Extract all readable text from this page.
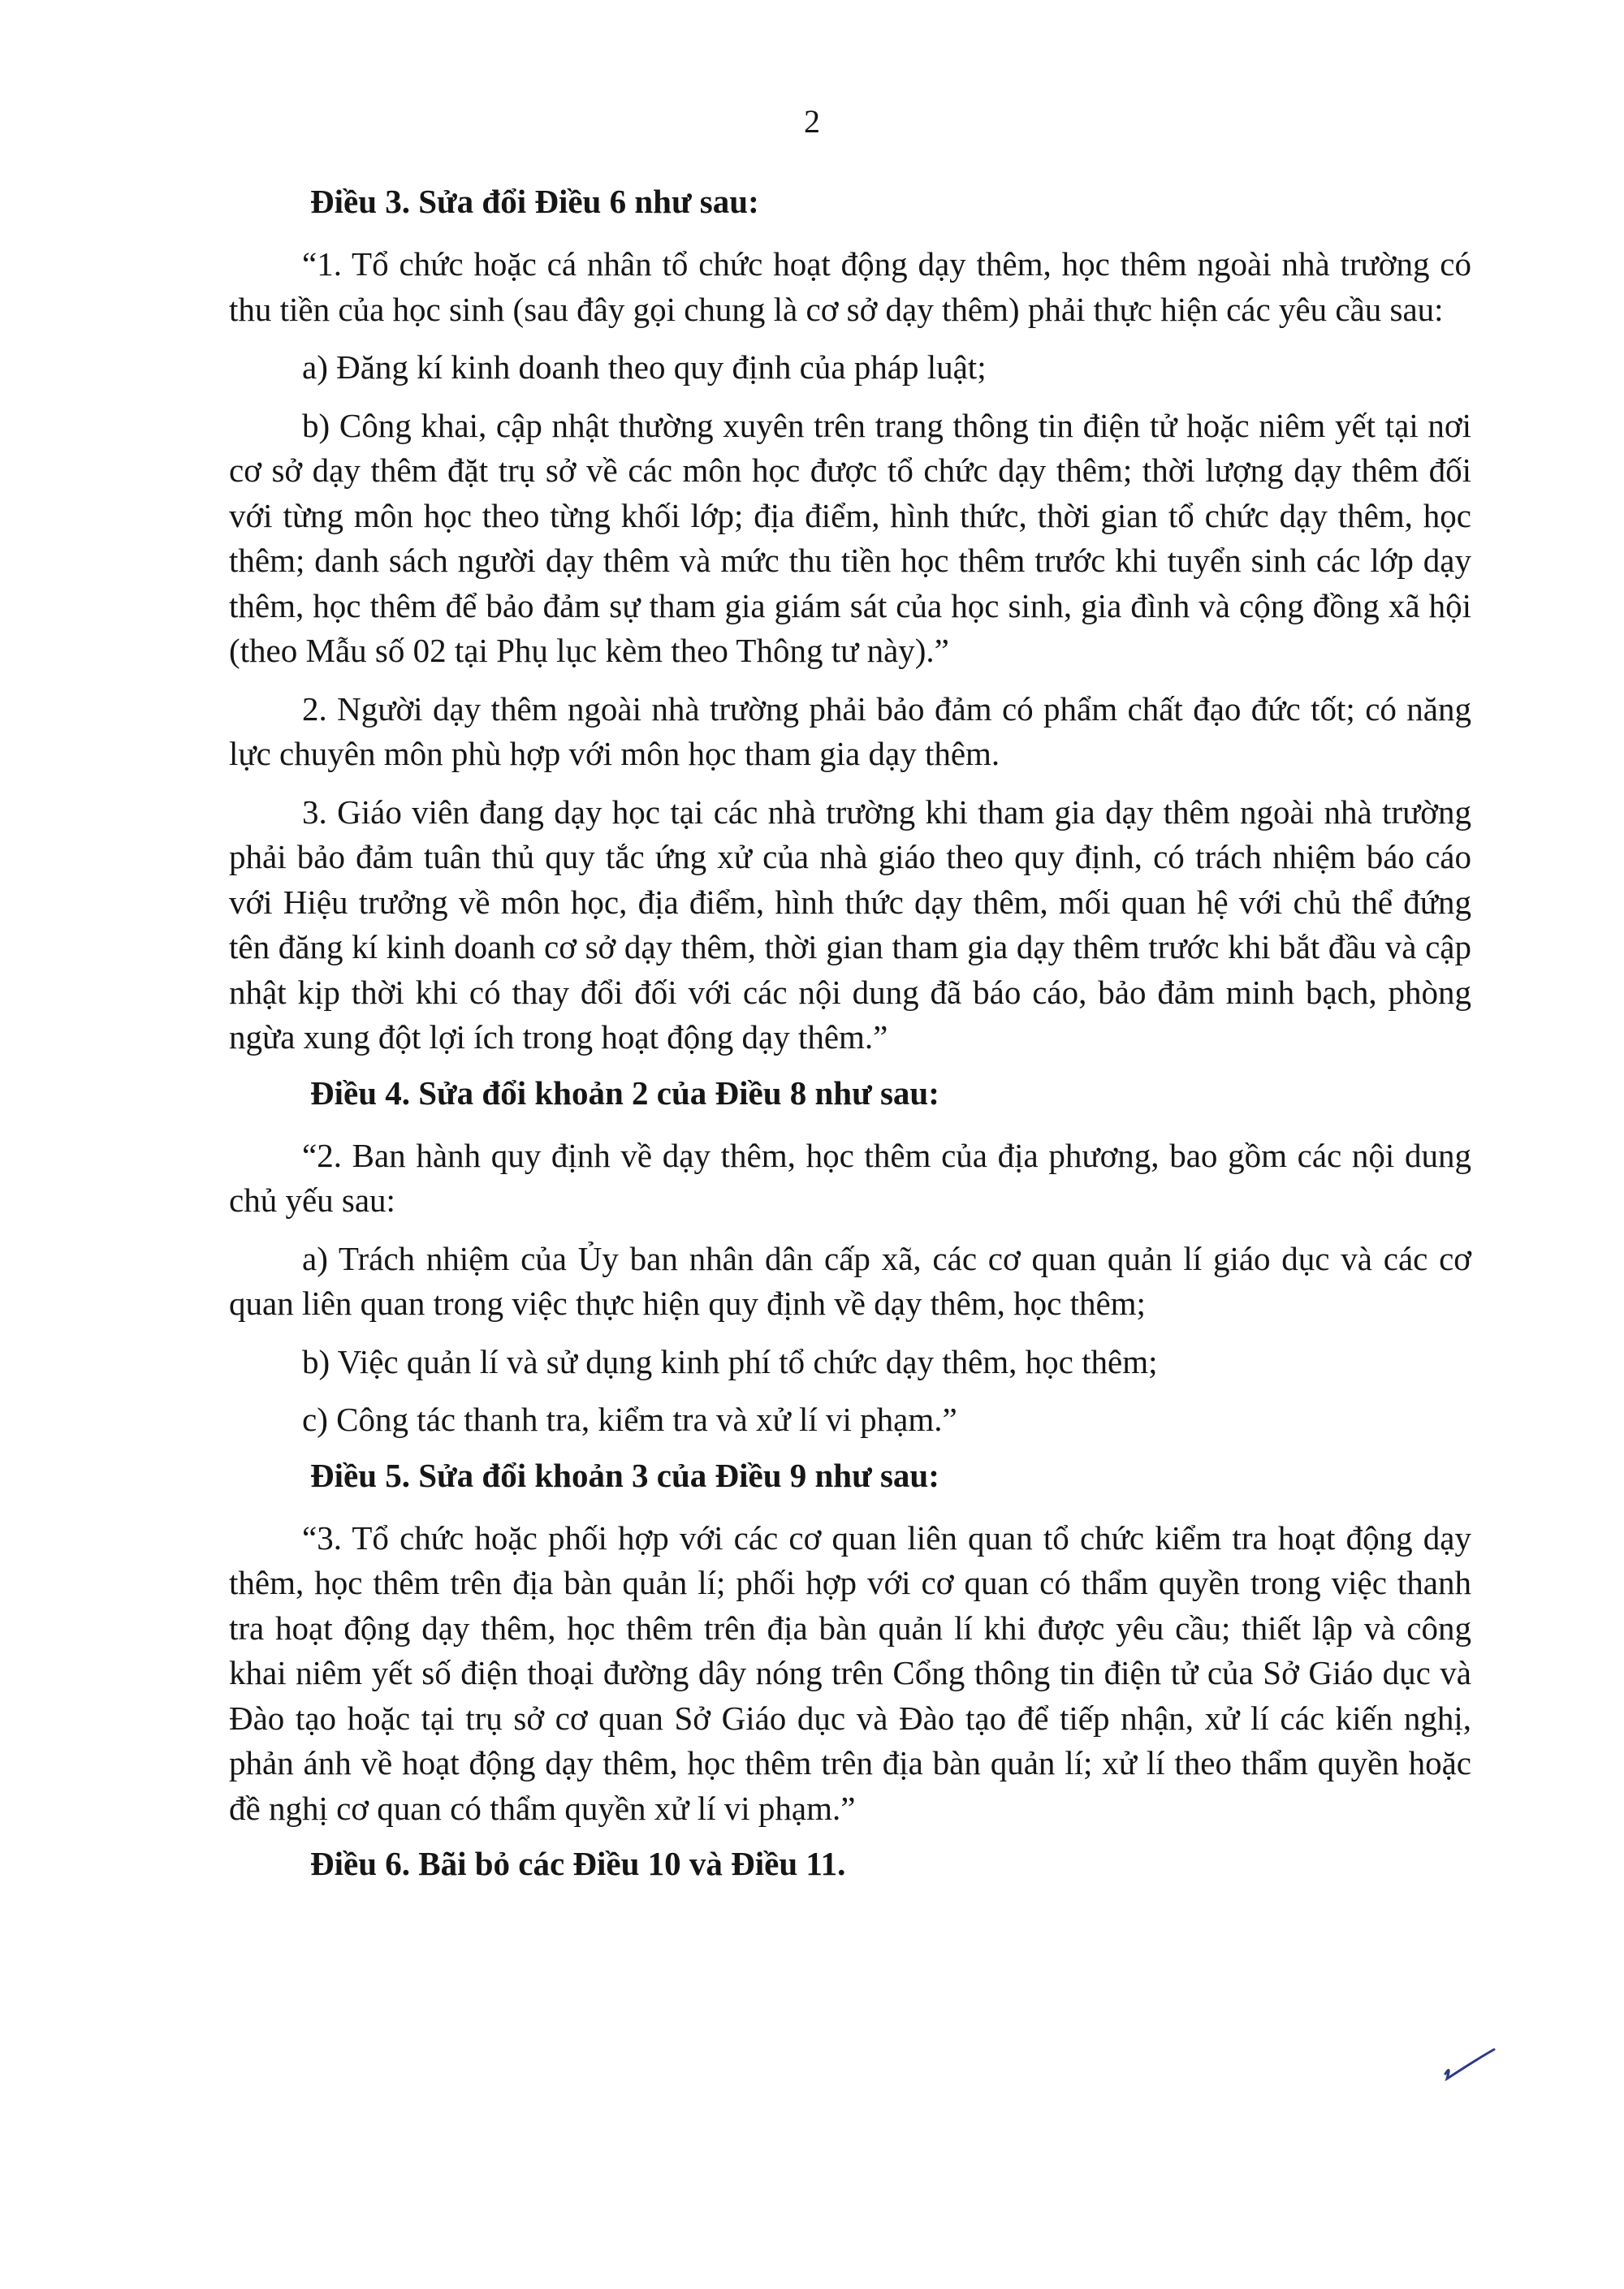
2
Điều 3. Sửa đổi Điều 6 như sau:

“1. Tổ chức hoặc cá nhân tổ chức hoạt động dạy thêm, học thêm ngoài nhà trường có thu tiền của học sinh (sau đây gọi chung là cơ sở dạy thêm) phải thực hiện các yêu cầu sau:

a) Đăng kí kinh doanh theo quy định của pháp luật;

b) Công khai, cập nhật thường xuyên trên trang thông tin điện tử hoặc niêm yết tại nơi cơ sở dạy thêm đặt trụ sở về các môn học được tổ chức dạy thêm; thời lượng dạy thêm đối với từng môn học theo từng khối lớp; địa điểm, hình thức, thời gian tổ chức dạy thêm, học thêm; danh sách người dạy thêm và mức thu tiền học thêm trước khi tuyển sinh các lớp dạy thêm, học thêm để bảo đảm sự tham gia giám sát của học sinh, gia đình và cộng đồng xã hội (theo Mẫu số 02 tại Phụ lục kèm theo Thông tư này).”

2. Người dạy thêm ngoài nhà trường phải bảo đảm có phẩm chất đạo đức tốt; có năng lực chuyên môn phù hợp với môn học tham gia dạy thêm.

3. Giáo viên đang dạy học tại các nhà trường khi tham gia dạy thêm ngoài nhà trường phải bảo đảm tuân thủ quy tắc ứng xử của nhà giáo theo quy định, có trách nhiệm báo cáo với Hiệu trưởng về môn học, địa điểm, hình thức dạy thêm, mối quan hệ với chủ thể đứng tên đăng kí kinh doanh cơ sở dạy thêm, thời gian tham gia dạy thêm trước khi bắt đầu và cập nhật kịp thời khi có thay đổi đối với các nội dung đã báo cáo, bảo đảm minh bạch, phòng ngừa xung đột lợi ích trong hoạt động dạy thêm.”

Điều 4. Sửa đổi khoản 2 của Điều 8 như sau:

“2. Ban hành quy định về dạy thêm, học thêm của địa phương, bao gồm các nội dung chủ yếu sau:

a) Trách nhiệm của Ủy ban nhân dân cấp xã, các cơ quan quản lí giáo dục và các cơ quan liên quan trong việc thực hiện quy định về dạy thêm, học thêm;

b) Việc quản lí và sử dụng kinh phí tổ chức dạy thêm, học thêm;

c) Công tác thanh tra, kiểm tra và xử lí vi phạm.”

Điều 5. Sửa đổi khoản 3 của Điều 9 như sau:

“3. Tổ chức hoặc phối hợp với các cơ quan liên quan tổ chức kiểm tra hoạt động dạy thêm, học thêm trên địa bàn quản lí; phối hợp với cơ quan có thẩm quyền trong việc thanh tra hoạt động dạy thêm, học thêm trên địa bàn quản lí khi được yêu cầu; thiết lập và công khai niêm yết số điện thoại đường dây nóng trên Cổng thông tin điện tử của Sở Giáo dục và Đào tạo hoặc tại trụ sở cơ quan Sở Giáo dục và Đào tạo để tiếp nhận, xử lí các kiến nghị, phản ánh về hoạt động dạy thêm, học thêm trên địa bàn quản lí; xử lí theo thẩm quyền hoặc đề nghị cơ quan có thẩm quyền xử lí vi phạm.”

Điều 6. Bãi bỏ các Điều 10 và Điều 11.
